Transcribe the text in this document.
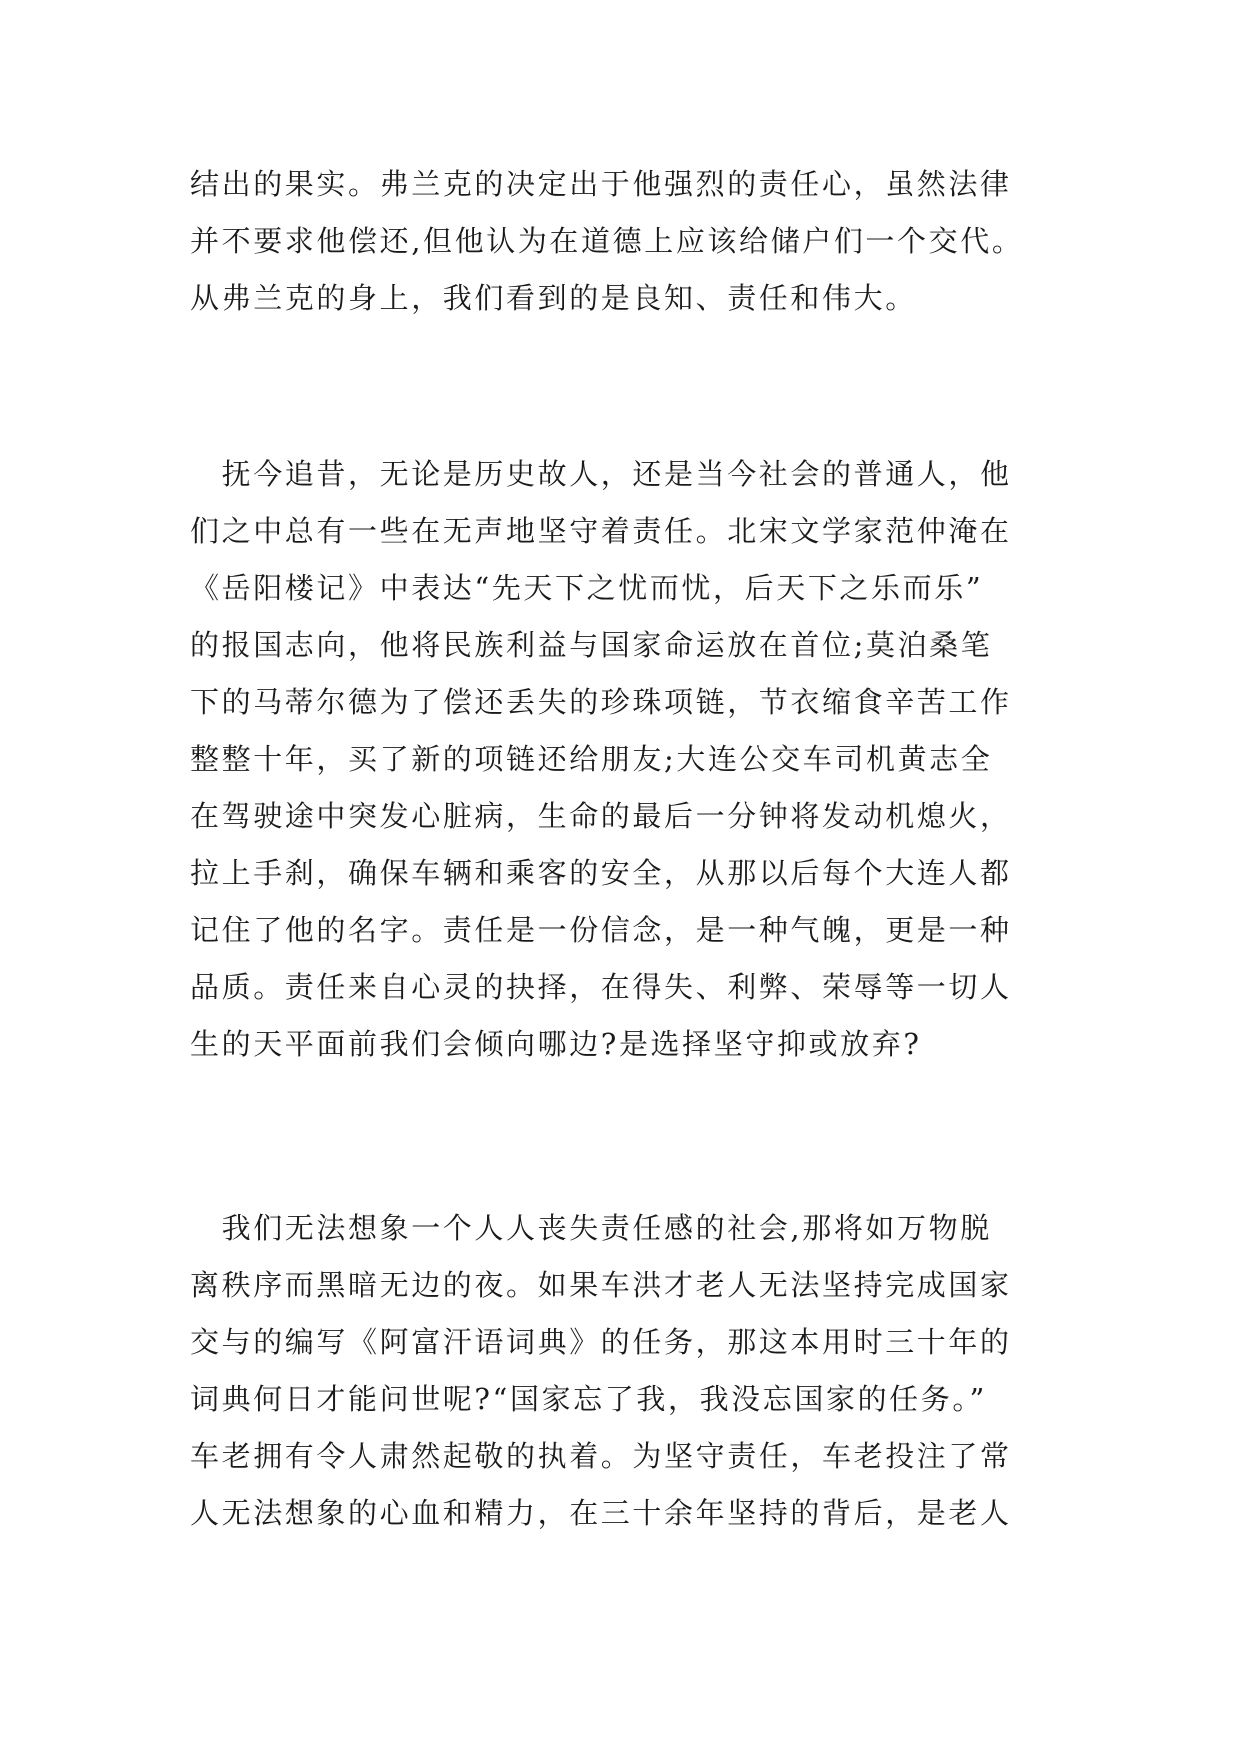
结出的果实。弗兰克的决定出于他强烈的责任心，虽然法律
并不要求他偿还,但他认为在道德上应该给储户们一个交代。
从弗兰克的身上，我们看到的是良知、责任和伟大。
　抚今追昔，无论是历史故人，还是当今社会的普通人，他
们之中总有一些在无声地坚守着责任。北宋文学家范仲淹在
《岳阳楼记》中表达“先天下之忧而忧，后天下之乐而乐”
的报国志向，他将民族利益与国家命运放在首位;莫泊桑笔
下的马蒂尔德为了偿还丢失的珍珠项链，节衣缩食辛苦工作
整整十年，买了新的项链还给朋友;大连公交车司机黄志全
在驾驶途中突发心脏病，生命的最后一分钟将发动机熄火，
拉上手刹，确保车辆和乘客的安全，从那以后每个大连人都
记住了他的名字。责任是一份信念，是一种气魄，更是一种
品质。责任来自心灵的抉择，在得失、利弊、荣辱等一切人
生的天平面前我们会倾向哪边?是选择坚守抑或放弃?
　我们无法想象一个人人丧失责任感的社会,那将如万物脱
离秩序而黑暗无边的夜。如果车洪才老人无法坚持完成国家
交与的编写《阿富汗语词典》的任务，那这本用时三十年的
词典何日才能问世呢?“国家忘了我，我没忘国家的任务。”
车老拥有令人肃然起敬的执着。为坚守责任，车老投注了常
人无法想象的心血和精力，在三十余年坚持的背后，是老人
